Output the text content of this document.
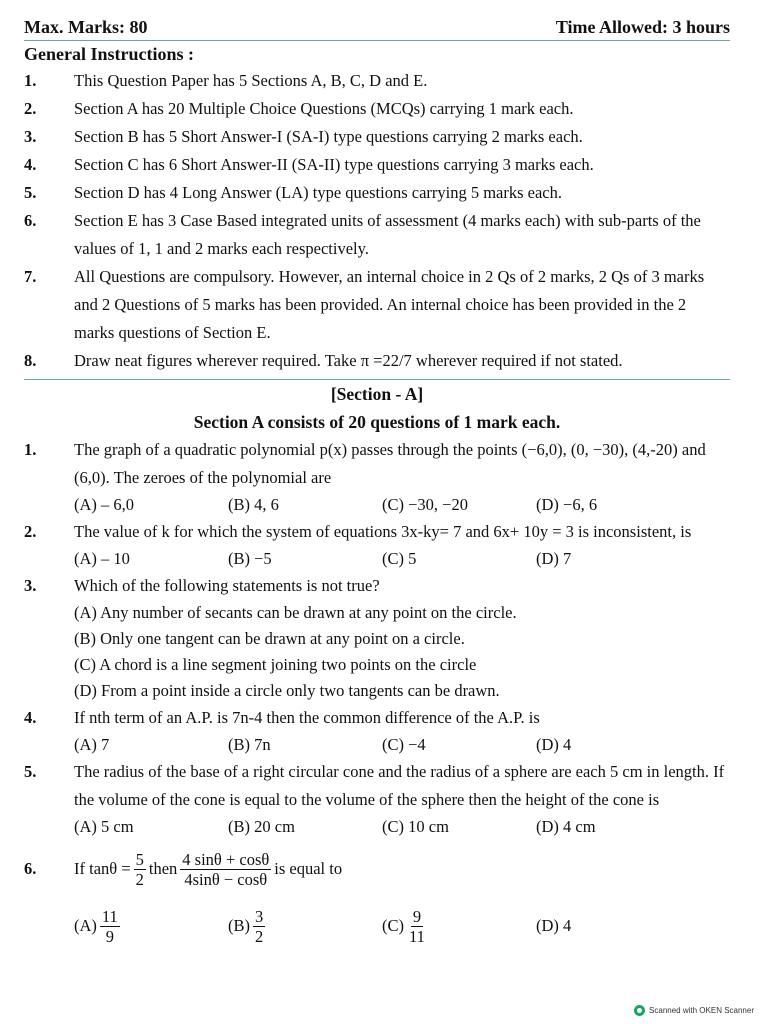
Max. Marks: 80	Time Allowed: 3 hours
General Instructions :
1.	This Question Paper has 5 Sections A, B, C, D and E.
2.	Section A has 20 Multiple Choice Questions (MCQs) carrying 1 mark each.
3.	Section B has 5 Short Answer-I (SA-I) type questions carrying 2 marks each.
4.	Section C has 6 Short Answer-II (SA-II) type questions carrying 3 marks each.
5.	Section D has 4 Long Answer (LA) type questions carrying 5 marks each.
6.	Section E has 3 Case Based integrated units of assessment (4 marks each) with sub-parts of the values of 1, 1 and 2 marks each respectively.
7.	All Questions are compulsory. However, an internal choice in 2 Qs of 2 marks, 2 Qs of 3 marks and 2 Questions of 5 marks has been provided. An internal choice has been provided in the 2 marks questions of Section E.
8.	Draw neat figures wherever required. Take π =22/7 wherever required if not stated.
[Section - A]
Section A consists of 20 questions of 1 mark each.
1.	The graph of a quadratic polynomial p(x) passes through the points (−6,0), (0, −30), (4,-20) and (6,0). The zeroes of the polynomial are
(A) – 6,0	(B) 4, 6	(C) −30, −20	(D) −6, 6
2.	The value of k for which the system of equations 3x-ky= 7 and 6x+ 10y = 3 is inconsistent, is
(A) – 10	(B) −5	(C) 5	(D) 7
3.	Which of the following statements is not true?
(A) Any number of secants can be drawn at any point on the circle.
(B) Only one tangent can be drawn at any point on a circle.
(C) A chord is a line segment joining two points on the circle
(D) From a point inside a circle only two tangents can be drawn.
4.	If nth term of an A.P. is 7n-4 then the common difference of the A.P. is
(A) 7	(B) 7n	(C) −4	(D) 4
5.	The radius of the base of a right circular cone and the radius of a sphere are each 5 cm in length. If the volume of the cone is equal to the volume of the sphere then the height of the cone is
(A) 5 cm	(B) 20 cm	(C) 10 cm	(D) 4 cm
6.	If $\tan\theta = \frac{5}{2}$ then $\frac{4 \sin\theta + \cos\theta}{4\sin\theta - \cos\theta}$ is equal to
$(A) \frac{11}{9}$	$(B) \frac{3}{2}$	$(C) \frac{9}{11}$	(D) 4
Scanned with OKEN Scanner
